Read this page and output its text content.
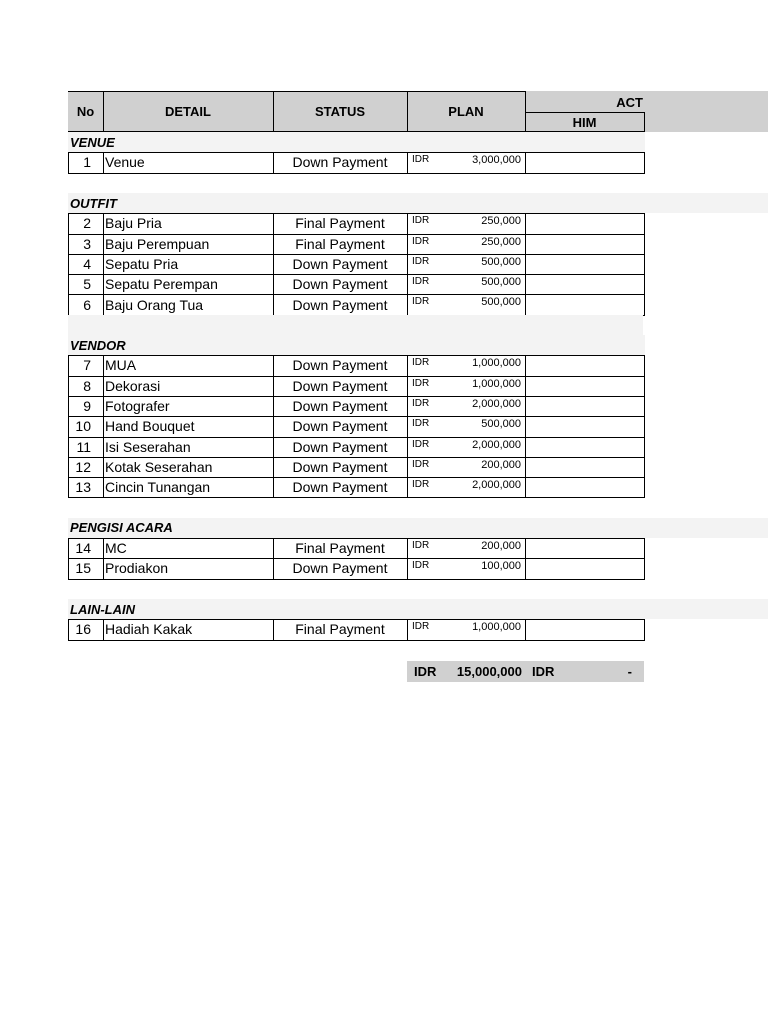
No	DETAIL	STATUS	PLAN
ACT
HIM
VENUE
1	Venue	Down Payment	IDR	3,000,000
OUTFIT
2	Baju Pria	Final Payment	IDR	250,000
3	Baju Perempuan	Final Payment	IDR	250,000
4	Sepatu Pria	Down Payment	IDR	500,000
5	Sepatu Perempan	Down Payment	IDR	500,000
6	Baju Orang Tua	Down Payment	IDR	500,000
VENDOR
7	MUA	Down Payment	IDR	1,000,000
8	Dekorasi	Down Payment	IDR	1,000,000
9	Fotografer	Down Payment	IDR	2,000,000
10	Hand Bouquet	Down Payment	IDR	500,000
11	Isi Seserahan	Down Payment	IDR	2,000,000
12	Kotak Seserahan	Down Payment	IDR	200,000
13	Cincin Tunangan	Down Payment	IDR	2,000,000
PENGISI ACARA
14	MC	Final Payment	IDR	200,000
15	Prodiakon	Down Payment	IDR	100,000
LAIN-LAIN
16	Hadiah Kakak	Final Payment	IDR	1,000,000
IDR	15,000,000 IDR	-
